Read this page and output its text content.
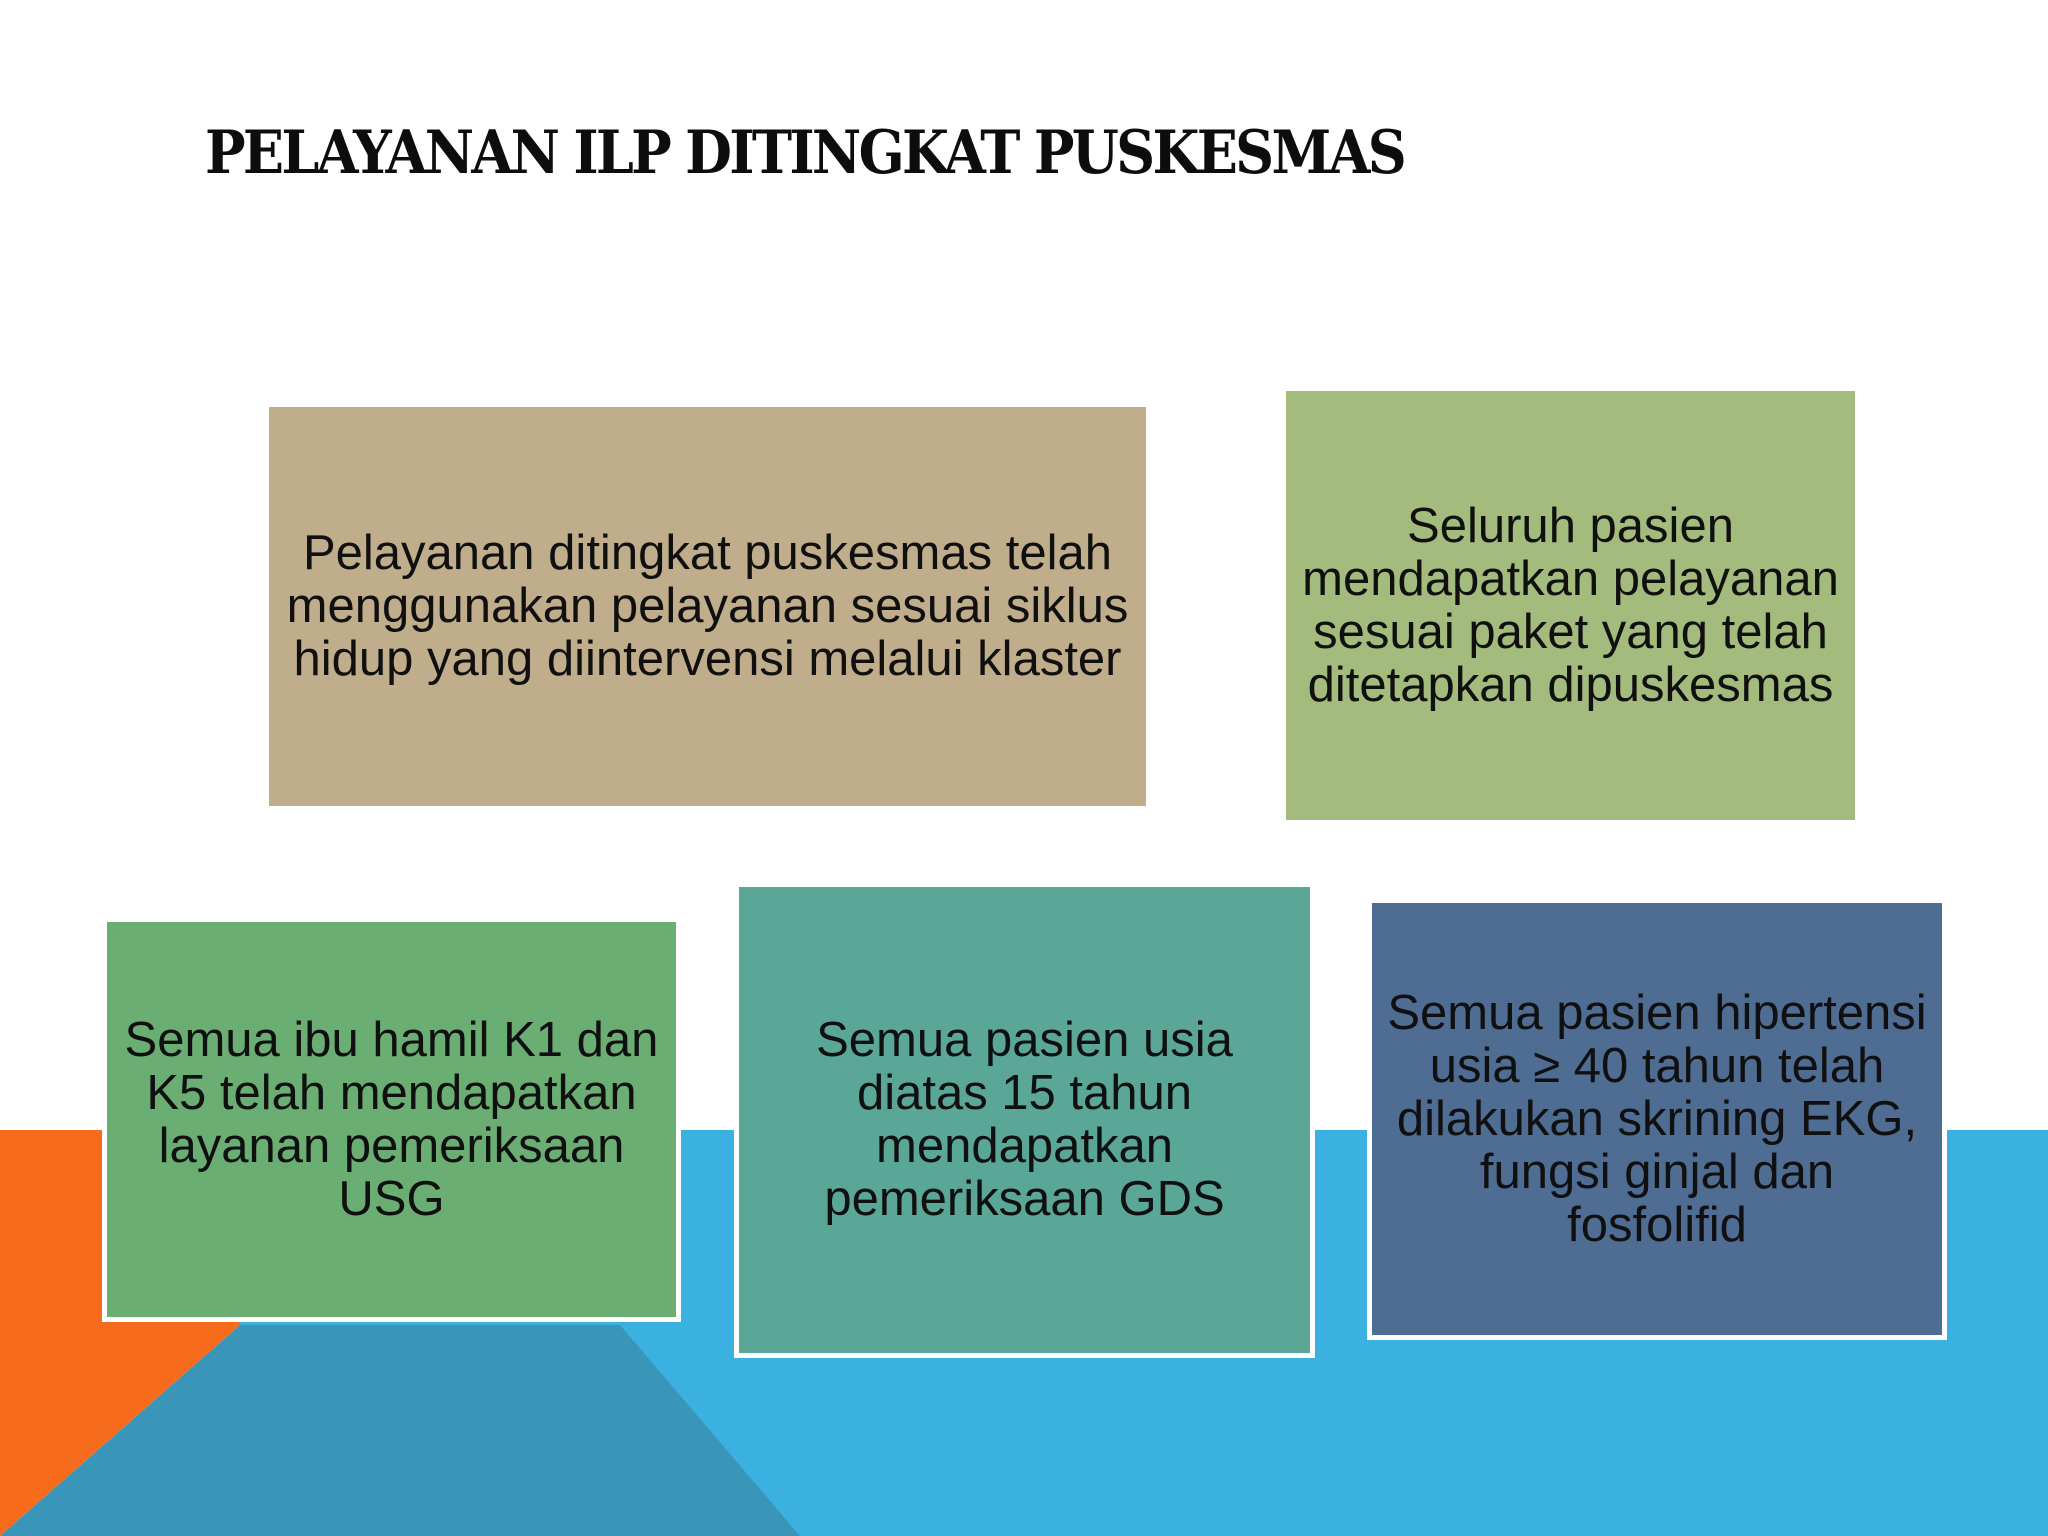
PELAYANAN ILP DITINGKAT PUSKESMAS
Pelayanan ditingkat puskesmas telah menggunakan pelayanan sesuai siklus hidup yang diintervensi melalui klaster
Seluruh pasien mendapatkan pelayanan sesuai paket yang telah ditetapkan dipuskesmas
Semua ibu hamil K1 dan K5 telah mendapatkan layanan pemeriksaan USG
Semua pasien usia diatas 15 tahun mendapatkan pemeriksaan GDS
Semua pasien hipertensi usia ≥ 40 tahun telah dilakukan skrining EKG, fungsi ginjal dan fosfolifid
